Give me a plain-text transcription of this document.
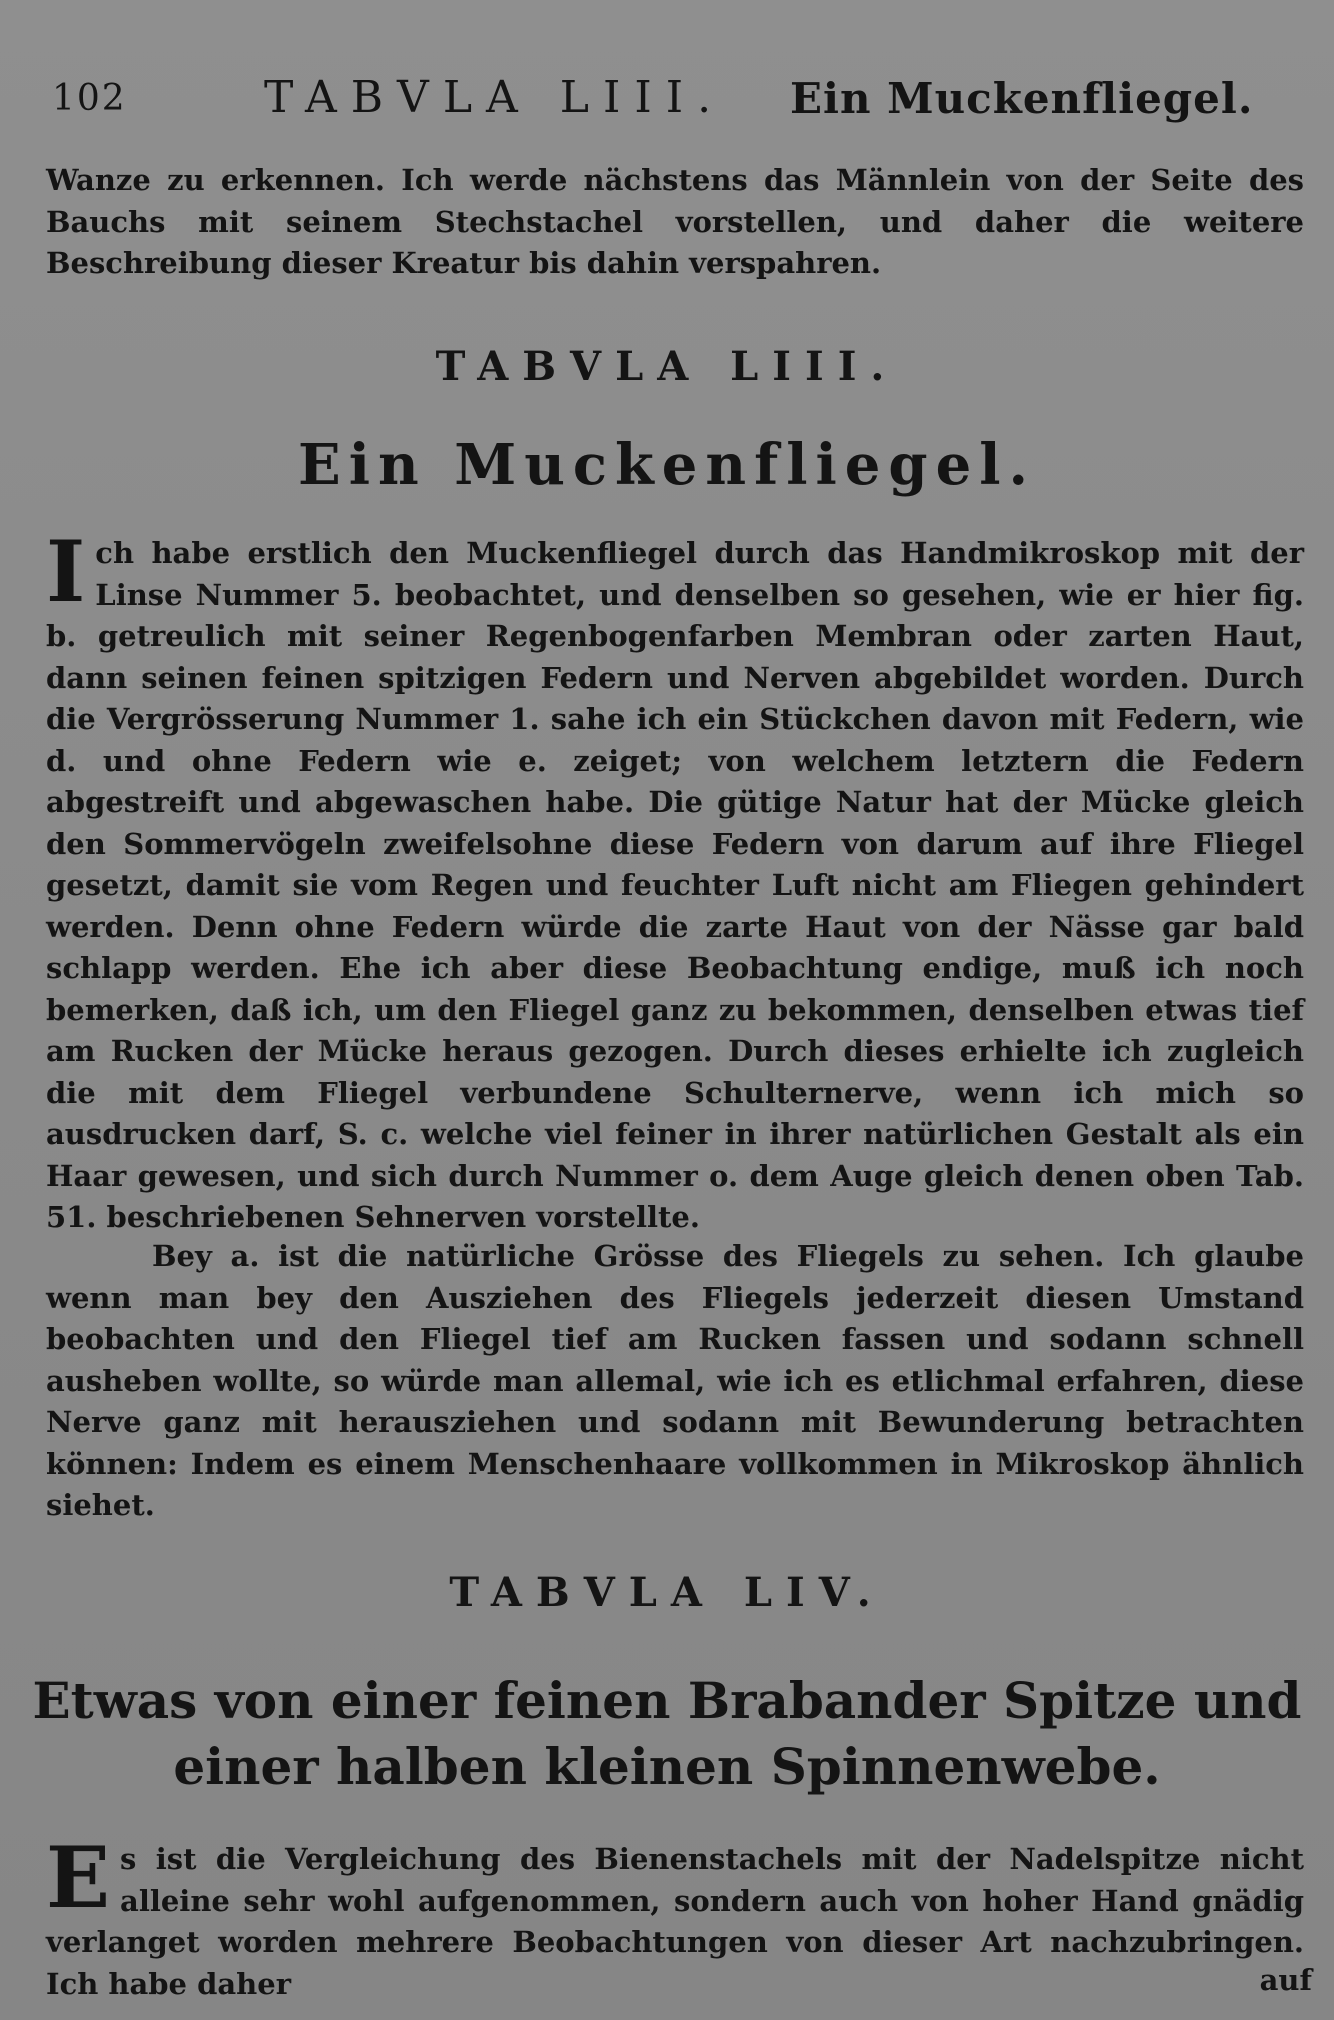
102	TABVLA LIII. Ein Muckenfliegel.

Wanze zu erkennen. Ich werde nächstens das Männlein von der Seite des Bauchs mit seinem Stechstachel vorstellen, und daher die weitere Beschreibung dieser Kreatur bis dahin verspahren.

TABVLA LIII.
Ein Muckenfliegel.

I ch habe erstlich den Muckenfliegel durch das Handmikroskop mit der Linse Nummer 5. beobachtet, und denselben so gesehen, wie er hier fig. b. getreulich mit seiner Regenbogenfarben Membran oder zarten Haut, dann seinen feinen spitzigen Federn und Nerven abgebildet worden. Durch die Vergrösserung Nummer 1. sahe ich ein Stückchen davon mit Federn, wie d. und ohne Federn wie e. zeiget; von welchem letztern die Federn abgestreift und abgewaschen habe. Die gütige Natur hat der Mücke gleich den Sommervögeln zweifelsohne diese Federn von darum auf ihre Fliegel gesetzt, damit sie vom Regen und feuchter Luft nicht am Fliegen gehindert werden. Denn ohne Federn würde die zarte Haut von der Nässe gar bald schlapp werden. Ehe ich aber diese Beobachtung endige, muß ich noch bemerken, daß ich, um den Fliegel ganz zu bekommen, denselben etwas tief am Rucken der Mücke heraus gezogen. Durch dieses erhielte ich zugleich die mit dem Fliegel verbundene Schulternerve, wenn ich mich so ausdrucken darf, S. c. welche viel feiner in ihrer natürlichen Gestalt als ein Haar gewesen, und sich durch Nummer o. dem Auge gleich denen oben Tab. 51. beschriebenen Sehnerven vorstellte.

Bey a. ist die natürliche Grösse des Fliegels zu sehen. Ich glaube wenn man bey den Ausziehen des Fliegels jederzeit diesen Umstand beobachten und den Fliegel tief am Rucken fassen und sodann schnell ausheben wollte, so würde man allemal, wie ich es etlichmal erfahren, diese Nerve ganz mit herausziehen und sodann mit Bewunderung betrachten können: Indem es einem Menschenhaare vollkommen in Mikroskop ähnlich siehet.

TABVLA LIV.
Etwas von einer feinen Brabander Spitze und einer halben kleinen Spinnenwebe.

E s ist die Vergleichung des Bienenstachels mit der Nadelspitze nicht alleine sehr wohl aufgenommen, sondern auch von hoher Hand gnädig verlanget worden mehrere Beobachtungen von dieser Art nachzubringen. Ich habe daher	auf
